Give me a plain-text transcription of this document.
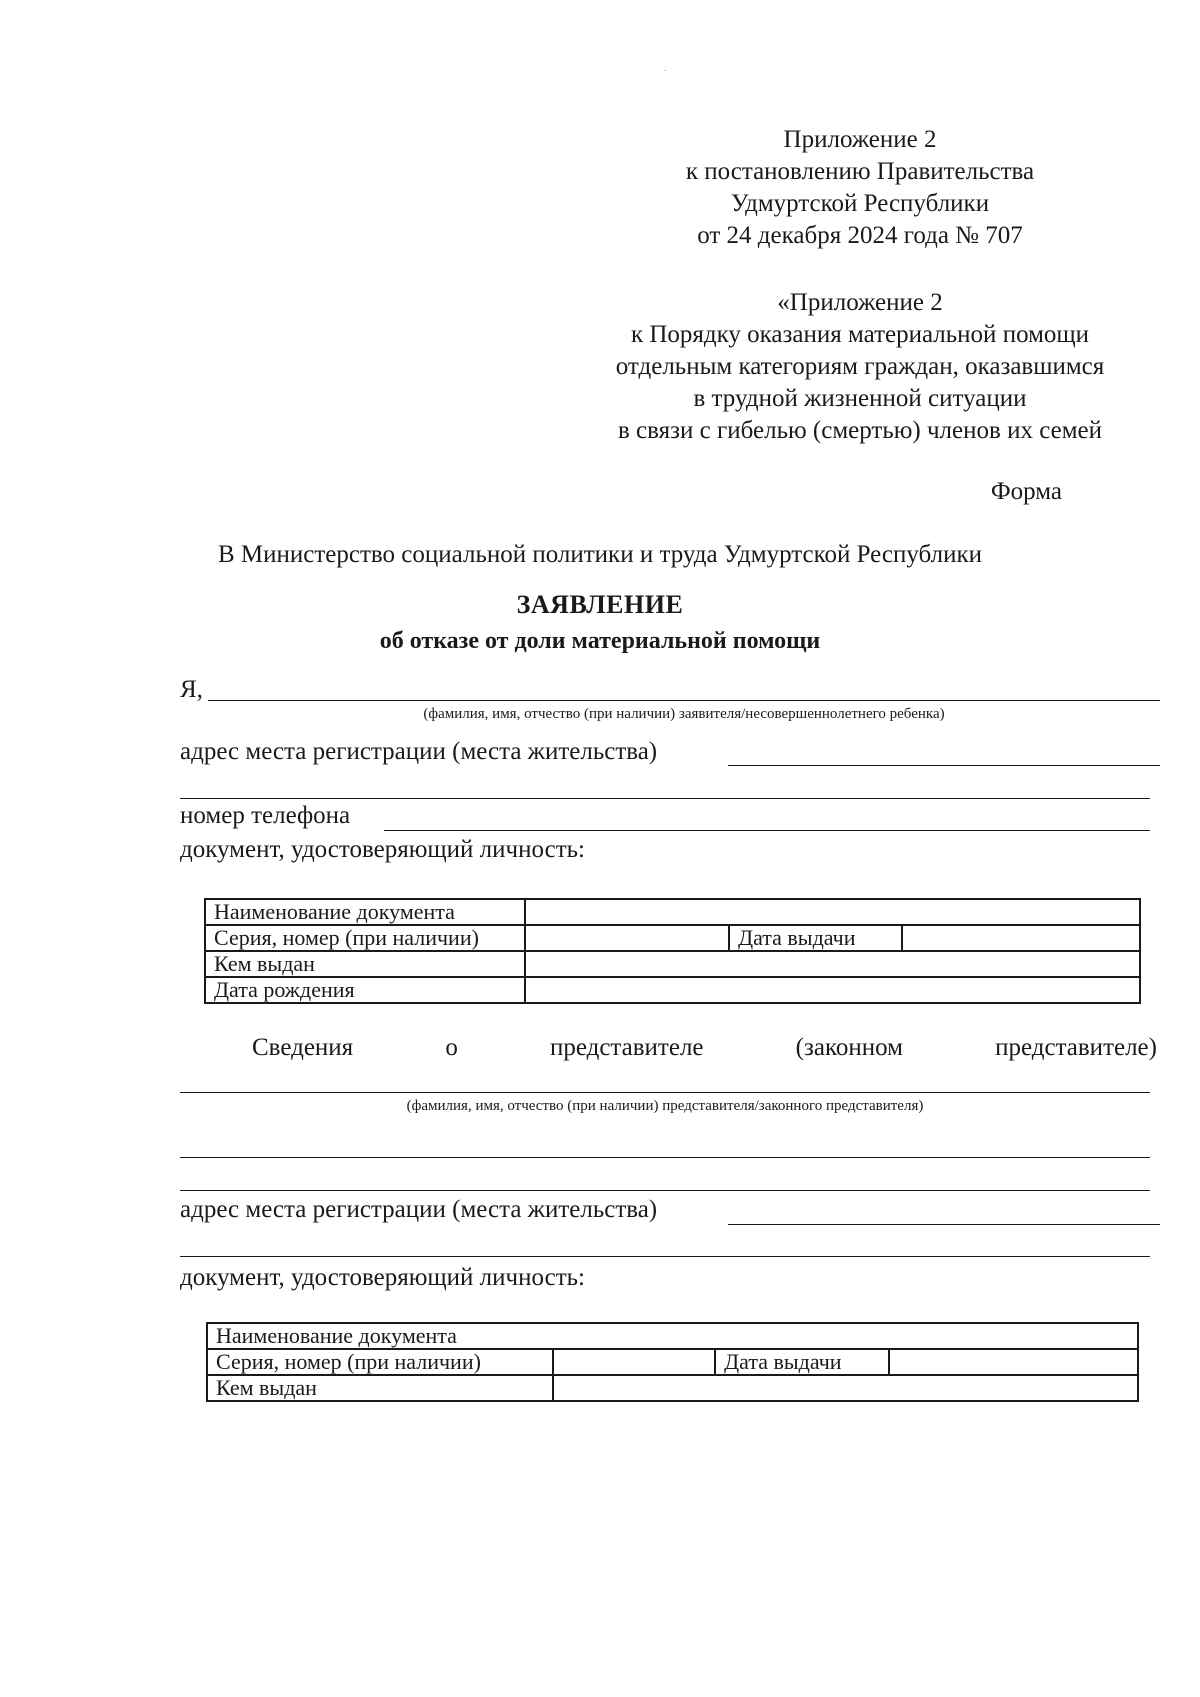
Приложение 2
к постановлению Правительства
Удмуртской Республики
от 24 декабря 2024 года № 707
«Приложение 2
к Порядку оказания материальной помощи
отдельным категориям граждан, оказавшимся
в трудной жизненной ситуации
в связи с гибелью (смертью) членов их семей
Форма
В Министерство социальной политики и труда Удмуртской Республики
ЗАЯВЛЕНИЕ
об отказе от доли материальной помощи
Я,
(фамилия, имя, отчество (при наличии) заявителя/несовершеннолетнего ребенка)
адрес места регистрации (места жительства)
номер телефона
документ, удостоверяющий личность:
Наименование документа			
Серия, номер (при наличии)		Дата выдачи	
Кем выдан			
Дата рождения			
Сведения	о	представителе	(законном	представителе)
(фамилия, имя, отчество (при наличии) представителя/законного представителя)
адрес места регистрации (места жительства)
документ, удостоверяющий личность:
Наименование документа			
Серия, номер (при наличии)		Дата выдачи	
Кем выдан			
